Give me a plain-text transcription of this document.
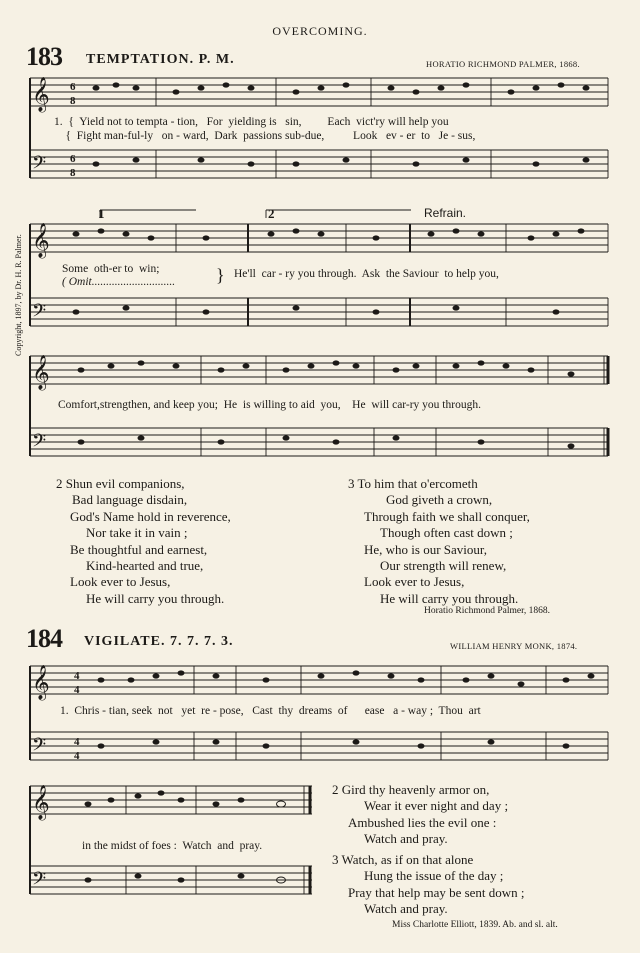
OVERCOMING.
183 TEMPTATION. P. M.	HORATIO RICHMOND PALMER, 1868.
Copyright, 1897, by Dr. H. R. Palmer.
𝄞
𝄢
6
8
6
8
1.  {  Yield not to tempta - tion,   For  yielding is   sin,         Each  vict'ry will help you
{  Fight man-ful-ly   on - ward,  Dark  passions sub-due,          Look   ev - er  to   Je - sus,
1	2
𝄞
𝄢
Refrain.
Some  oth-er to  win;
( Omit............................. } He'll  car - ry you through.  Ask  the Saviour  to help you,
𝄞
𝄢
Comfort,strengthen, and keep you;  He  is willing to aid  you,    He  will car-ry you through.
2 Shun evil companions,
Bad language disdain,
God's Name hold in reverence,
Nor take it in vain ;
Be thoughtful and earnest,
Kind-hearted and true,
Look ever to Jesus,
He will carry you through.
3 To him that o'ercometh
God giveth a crown,
Through faith we shall conquer,
Though often cast down ;
He, who is our Saviour,
Our strength will renew,
Look ever to Jesus,
He will carry you through.
Horatio Richmond Palmer, 1868.
184 VIGILATE. 7. 7. 7. 3.	WILLIAM HENRY MONK, 1874.
𝄞
𝄢
4
4
4
4
1.  Chris - tian, seek  not   yet  re - pose,   Cast  thy  dreams  of      ease   a - way ;  Thou  art
𝄞
𝄢
in the midst of foes :  Watch  and  pray.
2 Gird thy heavenly armor on,
Wear it ever night and day ;
Ambushed lies the evil one :
Watch and pray.
3 Watch, as if on that alone
Hung the issue of the day ;
Pray that help may be sent down ;
Watch and pray.
Miss Charlotte Elliott, 1839. Ab. and sl. alt.
